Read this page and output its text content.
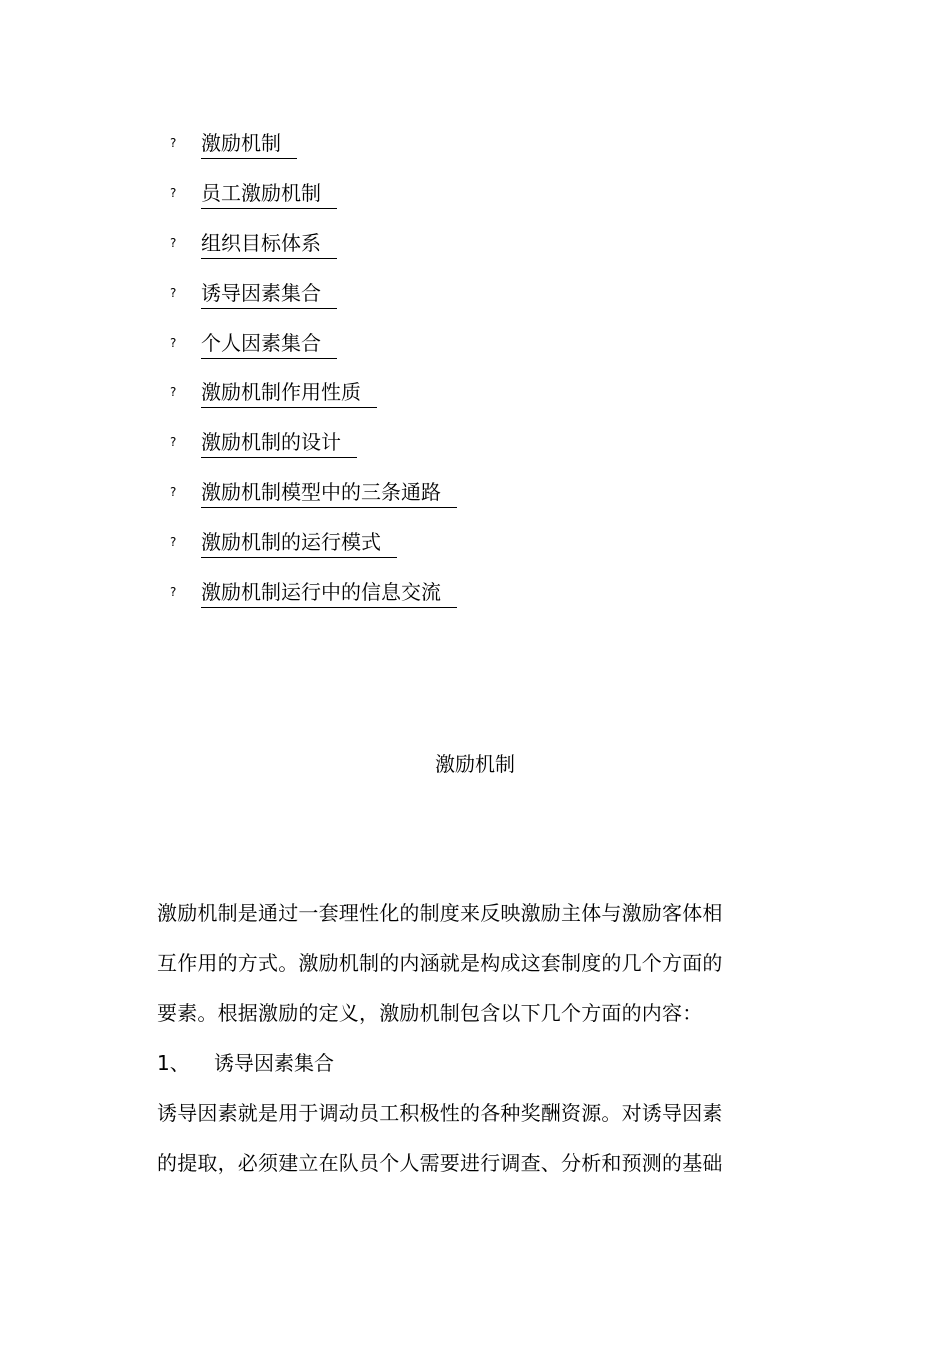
?	激励机制
?	员工激励机制
?	组织目标体系
?	诱导因素集合
?	个人因素集合
?	激励机制作用性质
?	激励机制的设计
?	激励机制模型中的三条通路
?	激励机制的运行模式
?	激励机制运行中的信息交流
激励机制
激励机制是通过一套理性化的制度来反映激励主体与激励客体相
互作用的方式。激励机制的内涵就是构成这套制度的几个方面的
要素。根据激励的定义，激励机制包含以下几个方面的内容：
1、 诱导因素集合
诱导因素就是用于调动员工积极性的各种奖酬资源。对诱导因素
的提取，必须建立在队员个人需要进行调查、分析和预测的基础
